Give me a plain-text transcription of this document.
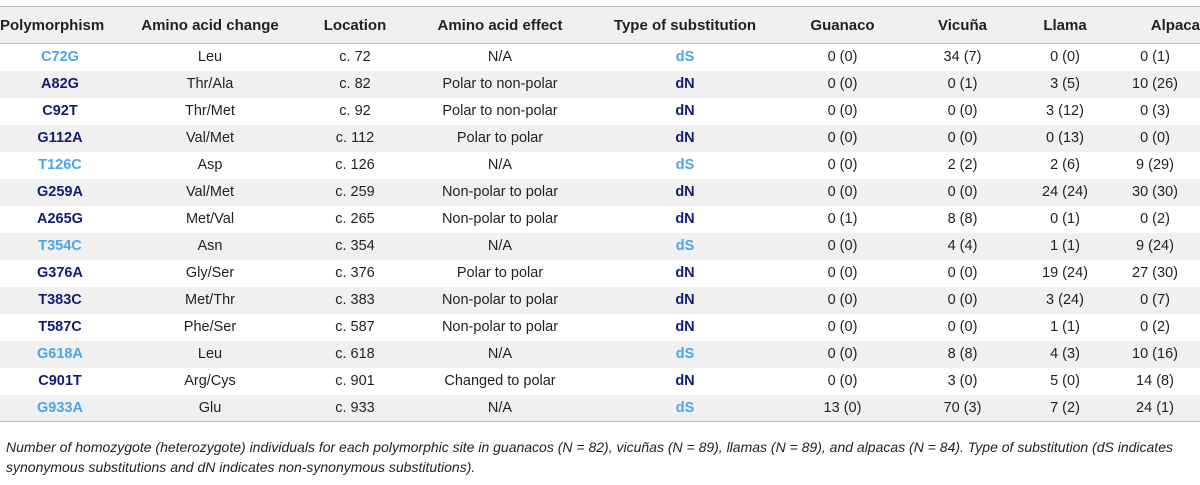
Polymorphism	Amino acid change	Location	Amino acid effect	Type of substitution	Guanaco	Vicuña	Llama	Alpaca
C72G	Leu	c. 72	N/A	dS	0 (0)	34 (7)	0 (0)	0 (1)
A82G	Thr/Ala	c. 82	Polar to non-polar	dN	0 (0)	0 (1)	3 (5)	10 (26)
C92T	Thr/Met	c. 92	Polar to non-polar	dN	0 (0)	0 (0)	3 (12)	0 (3)
G112A	Val/Met	c. 112	Polar to polar	dN	0 (0)	0 (0)	0 (13)	0 (0)
T126C	Asp	c. 126	N/A	dS	0 (0)	2 (2)	2 (6)	9 (29)
G259A	Val/Met	c. 259	Non-polar to polar	dN	0 (0)	0 (0)	24 (24)	30 (30)
A265G	Met/Val	c. 265	Non-polar to polar	dN	0 (1)	8 (8)	0 (1)	0 (2)
T354C	Asn	c. 354	N/A	dS	0 (0)	4 (4)	1 (1)	9 (24)
G376A	Gly/Ser	c. 376	Polar to polar	dN	0 (0)	0 (0)	19 (24)	27 (30)
T383C	Met/Thr	c. 383	Non-polar to polar	dN	0 (0)	0 (0)	3 (24)	0 (7)
T587C	Phe/Ser	c. 587	Non-polar to polar	dN	0 (0)	0 (0)	1 (1)	0 (2)
G618A	Leu	c. 618	N/A	dS	0 (0)	8 (8)	4 (3)	10 (16)
C901T	Arg/Cys	c. 901	Changed to polar	dN	0 (0)	3 (0)	5 (0)	14 (8)
G933A	Glu	c. 933	N/A	dS	13 (0)	70 (3)	7 (2)	24 (1)

Number of homozygote (heterozygote) individuals for each polymorphic site in guanacos (N = 82), vicuñas (N = 89), llamas (N = 89), and alpacas (N = 84). Type of substitution (dS indicates synonymous substitutions and dN indicates non-synonymous substitutions).
